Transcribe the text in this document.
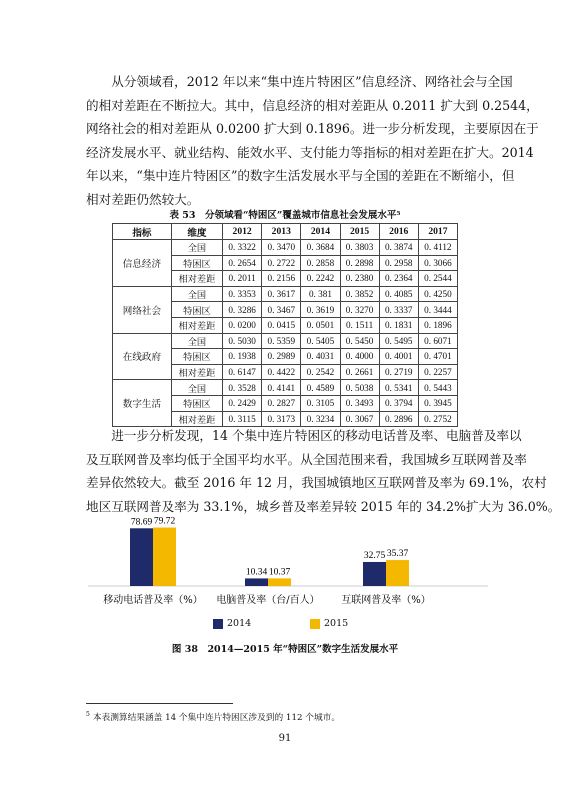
　　从分领域看，2012 年以来“集中连片特困区”信息经济、网络社会与全国
的相对差距在不断拉大。其中，信息经济的相对差距从 0.2011 扩大到 0.2544，
网络社会的相对差距从 0.0200 扩大到 0.1896。进一步分析发现，主要原因在于
经济发展水平、就业结构、能效水平、支付能力等指标的相对差距在扩大。2014
年以来，“集中连片特困区”的数字生活发展水平与全国的差距在不断缩小，但
相对差距仍然较大。
表 53　分领域看“特困区”覆盖城市信息社会发展水平⁵
指标	维度	2012	2013	2014	2015	2016	2017
信息经济	全国	0. 3322	0. 3470	0. 3684	0. 3803	0. 3874	0. 4112
	特困区	0. 2654	0. 2722	0. 2858	0. 2898	0. 2958	0. 3066
	相对差距	0. 2011	0. 2156	0. 2242	0. 2380	0. 2364	0. 2544
网络社会	全国	0. 3353	0. 3617	0. 381	0. 3852	0. 4085	0. 4250
	特困区	0. 3286	0. 3467	0. 3619	0. 3270	0. 3337	0. 3444
	相对差距	0. 0200	0. 0415	0. 0501	0. 1511	0. 1831	0. 1896
在线政府	全国	0. 5030	0. 5359	0. 5405	0. 5450	0. 5495	0. 6071
	特困区	0. 1938	0. 2989	0. 4031	0. 4000	0. 4001	0. 4701
	相对差距	0. 6147	0. 4422	0. 2542	0. 2661	0. 2719	0. 2257
数字生活	全国	0. 3528	0. 4141	0. 4589	0. 5038	0. 5341	0. 5443
	特困区	0. 2429	0. 2827	0. 3105	0. 3493	0. 3794	0. 3945
	相对差距	0. 3115	0. 3173	0. 3234	0. 3067	0. 2896	0. 2752
　　进一步分析发现，14 个集中连片特困区的移动电话普及率、电脑普及率以
及互联网普及率均低于全国平均水平。从全国范围来看，我国城乡互联网普及率
差异依然较大。截至 2016 年 12 月，我国城镇地区互联网普及率为 69.1%，农村
地区互联网普及率为 33.1%，城乡普及率差异较 2015 年的 34.2%扩大为 36.0%。
78.69
10.34
32.75
79.72
10.37
35.37
移动电话普及率（%） 电脑普及率（台/百人） 互联网普及率（%）
2014	2015
图 38　2014—2015 年“特困区”数字生活发展水平
$^5$ 本表测算结果涵盖 14 个集中连片特困区涉及到的 112 个城市。
91
